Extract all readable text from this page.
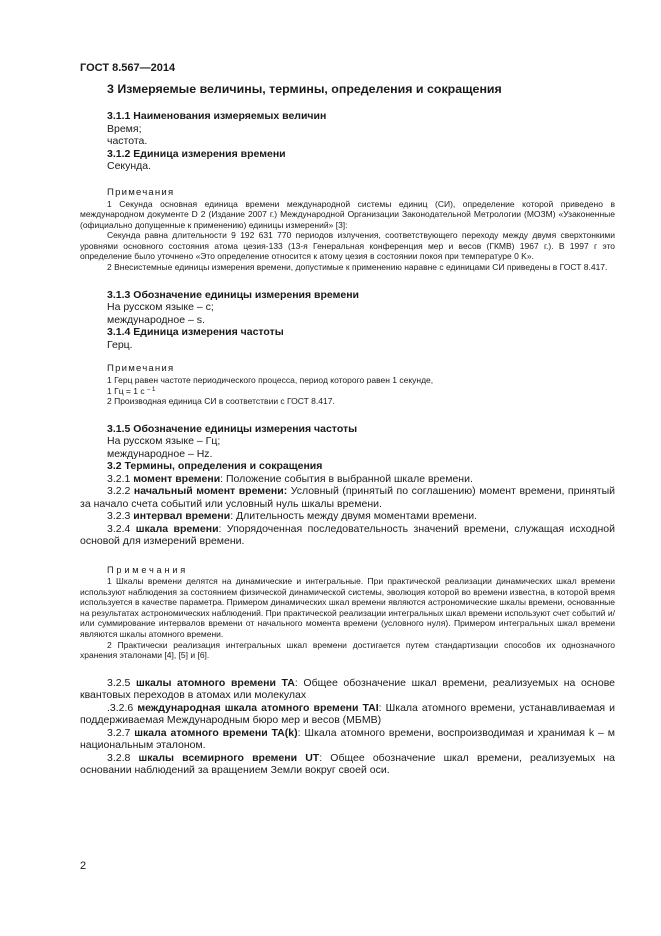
ГОСТ 8.567—2014
3 Измеряемые величины, термины, определения и сокращения
3.1.1 Наименования измеряемых величин
Время;
частота.
3.1.2 Единица измерения времени
Секунда.
Примечания
1 Секунда основная единица времени международной системы единиц (СИ), определение которой приведено в международном документе D 2 (Издание 2007 г.) Международной Организации Законодательной Метрологии (МОЗМ) «Узаконенные (официально допущенные к применению) единицы измерений» [3]:
Секунда равна длительности 9 192 631 770 периодов излучения, соответствующего переходу между двумя сверхтонкими уровнями основного состояния атома цезия-133 (13-я Генеральная конференция мер и весов (ГКМВ) 1967 г.). В 1997 г это определение было уточнено «Это определение относится к атому цезия в состоянии покоя при температуре 0 K».
2 Внесистемные единицы измерения времени, допустимые к применению наравне с единицами СИ приведены в ГОСТ 8.417.
3.1.3 Обозначение единицы измерения времени
На русском языке – с;
международное – s.
3.1.4 Единица измерения частоты
Герц.
Примечания
1 Герц равен частоте периодического процесса, период которого равен 1 секунде,
1 Гц = 1 с $^{- 1}$
2 Производная единица СИ в соответствии с ГОСТ 8.417.
3.1.5 Обозначение единицы измерения частоты
На русском языке – Гц;
международное – Hz.
3.2 Термины, определения и сокращения
3.2.1 момент времени: Положение события в выбранной шкале времени.
3.2.2 начальный момент времени: Условный (принятый по соглашению) момент времени, принятый за начало счета событий или условный нуль шкалы времени.
3.2.3 интервал времени: Длительность между двумя моментами времени.
3.2.4 шкала времени: Упорядоченная последовательность значений времени, служащая исходной основой для измерений времени.
Примечания
1 Шкалы времени делятся на динамические и интегральные. При практической реализации динамических шкал времени используют наблюдения за состоянием физической динамической системы, эволюция которой во времени известна, в которой время используется в качестве параметра. Примером динамических шкал времени являются астрономические шкалы времени, основанные на результатах астрономических наблюдений. При практической реализации интегральных шкал времени используют счет событий и/или суммирование интервалов времени от начального момента времени (условного нуля). Примером интегральных шкал времени являются шкалы атомного времени.
2 Практически реализация интегральных шкал времени достигается путем стандартизации способов их однозначного хранения эталонами [4], [5] и [6].
3.2.5 шкалы атомного времени ТА: Общее обозначение шкал времени, реализуемых на основе квантовых переходов в атомах или молекулах
.3.2.6 международная шкала атомного времени TAI: Шкала атомного времени, устанавливаемая и поддерживаемая Международным бюро мер и весов (МБМВ)
3.2.7 шкала атомного времени TA(k): Шкала атомного времени, воспроизводимая и хранимая k – м национальным эталоном.
3.2.8 шкалы всемирного времени UT: Общее обозначение шкал времени, реализуемых на основании наблюдений за вращением Земли вокруг своей оси.
2
